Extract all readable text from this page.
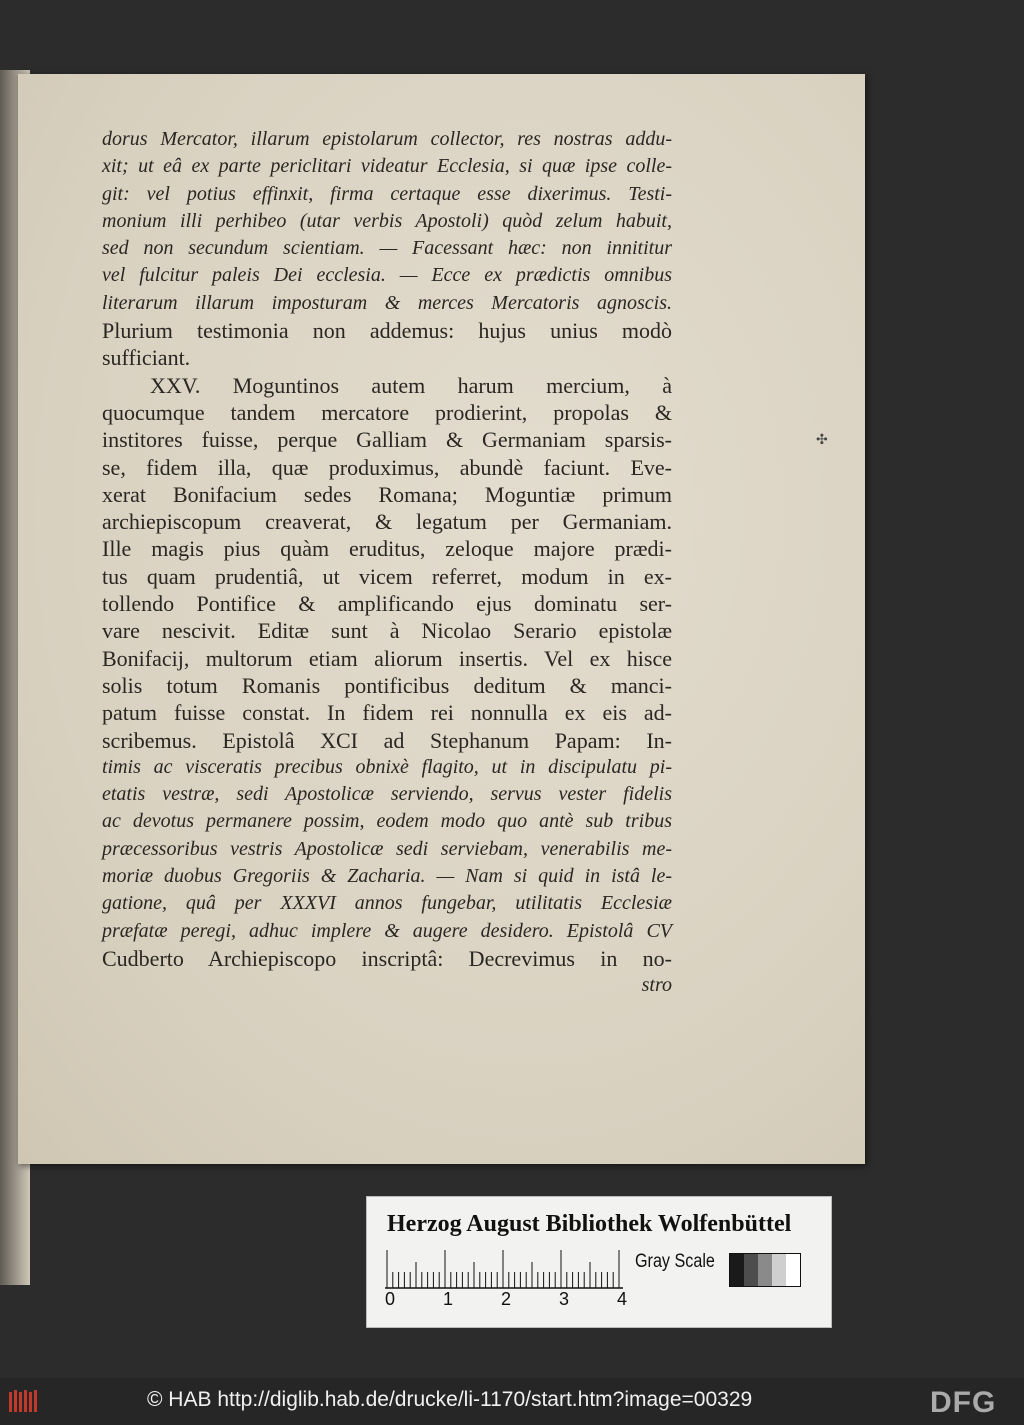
dorus Mercator, illarum epistolarum collector, res nostras addu-
xit; ut eâ ex parte periclitari videatur Ecclesia, si quæ ipse colle-
git: vel potius effinxit, firma certaque esse dixerimus. Testi-
monium illi perhibeo (utar verbis Apostoli) quòd zelum habuit,
sed non secundum scientiam. — Facessant hæc: non innititur
vel fulcitur paleis Dei ecclesia. — Ecce ex prædictis omnibus
literarum illarum imposturam & merces Mercatoris agnoscis.
Plurium testimonia non addemus: hujus unius modò
sufficiant.
XXV. Moguntinos autem harum mercium, à
quocumque tandem mercatore prodierint, propolas &
institores fuisse, perque Galliam & Germaniam sparsis-
se, fidem illa, quæ produximus, abundè faciunt. Eve-
xerat Bonifacium sedes Romana; Moguntiæ primum
archiepiscopum creaverat, & legatum per Germaniam.
Ille magis pius quàm eruditus, zeloque majore prædi-
tus quam prudentiâ, ut vicem referret, modum in ex-
tollendo Pontifice & amplificando ejus dominatu ser-
vare nescivit. Editæ sunt à Nicolao Serario epistolæ
Bonifacij, multorum etiam aliorum insertis. Vel ex hisce
solis totum Romanis pontificibus deditum & manci-
patum fuisse constat. In fidem rei nonnulla ex eis ad-
scribemus. Epistolâ XCI ad Stephanum Papam: In-
timis ac visceratis precibus obnixè flagito, ut in discipulatu pi-
etatis vestræ, sedi Apostolicæ serviendo, servus vester fidelis
ac devotus permanere possim, eodem modo quo antè sub tribus
præcessoribus vestris Apostolicæ sedi serviebam, venerabilis me-
moriæ duobus Gregoriis & Zacharia. — Nam si quid in istâ le-
gatione, quâ per XXXVI annos fungebar, utilitatis Ecclesiæ
præfatæ peregi, adhuc implere & augere desidero. Epistolâ CV
Cudberto Archiepiscopo inscriptâ: Decrevimus in no-
stro
✣
Herzog August Bibliothek Wolfenbüttel
0	1	2	3	4
Gray Scale
© HAB http://diglib.hab.de/drucke/li-1170/start.htm?image=00329	DFG
